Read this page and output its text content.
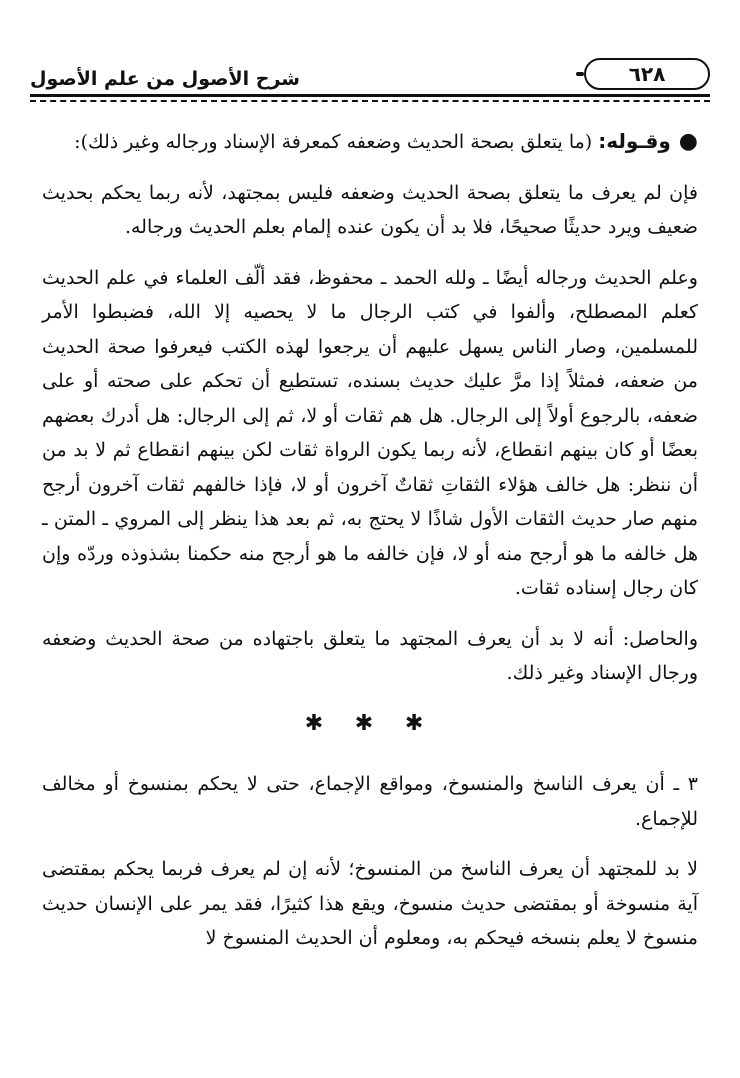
٦٢٨
شرح الأصول من علم الأصول

●وقـوله: (ما يتعلق بصحة الحديث وضعفه كمعرفة الإسناد ورجاله وغير ذلك):

فإن لم يعرف ما يتعلق بصحة الحديث وضعفه فليس بمجتهد، لأنه ربما يحكم بحديث ضعيف ويرد حديثًا صحيحًا، فلا بد أن يكون عنده إلمام بعلم الحديث ورجاله.

وعلم الحديث ورجاله أيضًا ـ ولله الحمد ـ محفوظ، فقد ألّف العلماء في علم الحديث كعلم المصطلح، وألفوا في كتب الرجال ما لا يحصيه إلا الله، فضبطوا الأمر للمسلمين، وصار الناس يسهل عليهم أن يرجعوا لهذه الكتب فيعرفوا صحة الحديث من ضعفه، فمثلاً إذا مرَّ عليك حديث بسنده، تستطيع أن تحكم على صحته أو على ضعفه، بالرجوع أولاً إلى الرجال. هل هم ثقات أو لا، ثم إلى الرجال: هل أدرك بعضهم بعضًا أو كان بينهم انقطاع، لأنه ربما يكون الرواة ثقات لكن بينهم انقطاع ثم لا بد من أن ننظر: هل خالف هؤلاء الثقاتِ ثقاتٌ آخرون أو لا، فإذا خالفهم ثقات آخرون أرجح منهم صار حديث الثقات الأول شاذًا لا يحتج به، ثم بعد هذا ينظر إلى المروي ـ المتن ـ هل خالفه ما هو أرجح منه أو لا، فإن خالفه ما هو أرجح منه حكمنا بشذوذه وردّه وإن كان رجال إسناده ثقات.

والحاصل: أنه لا بد أن يعرف المجتهد ما يتعلق باجتهاده من صحة الحديث وضعفه ورجال الإسناد وغير ذلك.

✱ ✱ ✱

٣ ـ أن يعرف الناسخ والمنسوخ، ومواقع الإجماع، حتى لا يحكم بمنسوخ أو مخالف للإجماع.

لا بد للمجتهد أن يعرف الناسخ من المنسوخ؛ لأنه إن لم يعرف فربما يحكم بمقتضى آية منسوخة أو بمقتضى حديث منسوخ، ويقع هذا كثيرًا، فقد يمر على الإنسان حديث منسوخ لا يعلم بنسخه فيحكم به، ومعلوم أن الحديث المنسوخ لا
